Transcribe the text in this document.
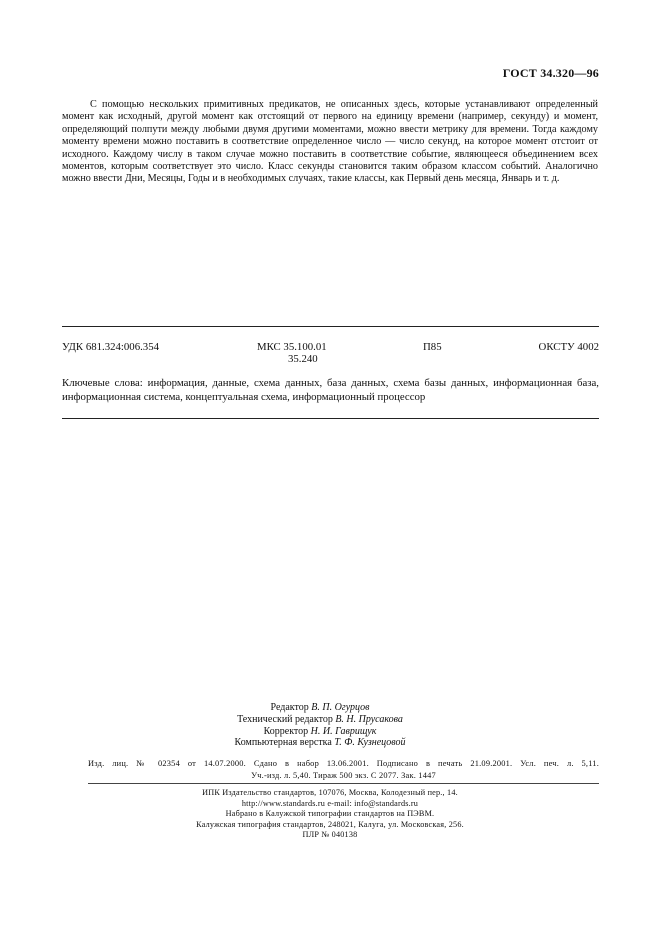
ГОСТ 34.320—96
С помощью нескольких примитивных предикатов, не описанных здесь, которые устанавливают определенный момент как исходный, другой момент как отстоящий от первого на единицу времени (например, секунду) и момент, определяющий полпути между любыми двумя другими моментами, можно ввести метрику для времени. Тогда каждому моменту времени можно поставить в соответствие определенное число — число секунд, на которое момент отстоит от исходного. Каждому числу в таком случае можно поставить в соответствие событие, являющееся объединением всех моментов, которым соответствует это число. Класс секунды становится таким образом классом событий. Аналогично можно ввести Дни, Месяцы, Годы и в необходимых случаях, такие классы, как Первый день месяца, Январь и т. д.
УДК 681.324:006.354	МКС 35.100.01
35.240
П85	ОКСТУ 4002
Ключевые слова: информация, данные, схема данных, база данных, схема базы данных, информационная база, информационная система, концептуальная схема, информационный процессор
Редактор В. П. Огурцов
Технический редактор В. Н. Прусакова
Корректор Н. И. Гаврищук
Компьютерная верстка Т. Ф. Кузнецовой
Изд. лиц. № 02354 от 14.07.2000. Сдано в набор 13.06.2001. Подписано в печать 21.09.2001. Усл. печ. л. 5,11.
Уч.-изд. л. 5,40. Тираж 500 экз. С 2077. Зак. 1447
ИПК Издательство стандартов, 107076, Москва, Колодезный пер., 14.
http://www.standards.ru e-mail: info@standards.ru
Набрано в Калужской типографии стандартов на ПЭВМ.
Калужская типография стандартов, 248021, Калуга, ул. Московская, 256.
ПЛР № 040138
